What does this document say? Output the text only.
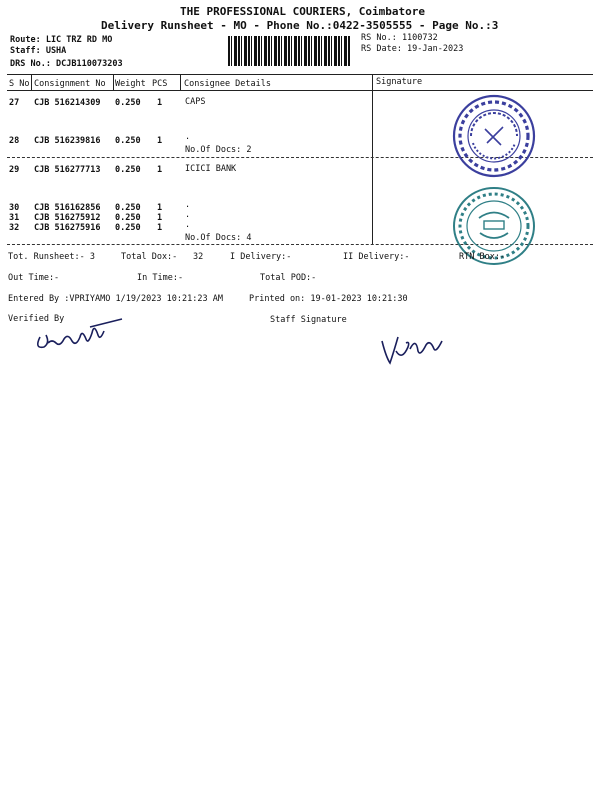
THE PROFESSIONAL COURIERS, Coimbatore
Delivery Runsheet - MO - Phone No.:0422-3505555 - Page No.:3
Route: LIC TRZ RD MO
Staff: USHA
DRS No.: DCJB110073203
RS No.: 1100732
RS Date: 19-Jan-2023
S No Consignment No Weight PCS Consignee Details	Signature
27 CJB 516214309 0.250 1	CAPS
28 CJB 516239816 0.250 1	.
No.Of Docs: 2
29 CJB 516277713 0.250 1	ICICI BANK
30 CJB 516162856 0.250 1	.
31 CJB 516275912 0.250 1	.
32 CJB 516275916 0.250 1	.
No.Of Docs: 4
Tot. Runsheet:- 3	Total Dox:- 32	I Delivery:-	II Delivery:-	RTN Box:-
Out Time:-	In Time:-	Total POD:-
Entered By :VPRIYAMO 1/19/2023 10:21:23 AM	Printed on: 19-01-2023 10:21:30
Verified By	Staff Signature
